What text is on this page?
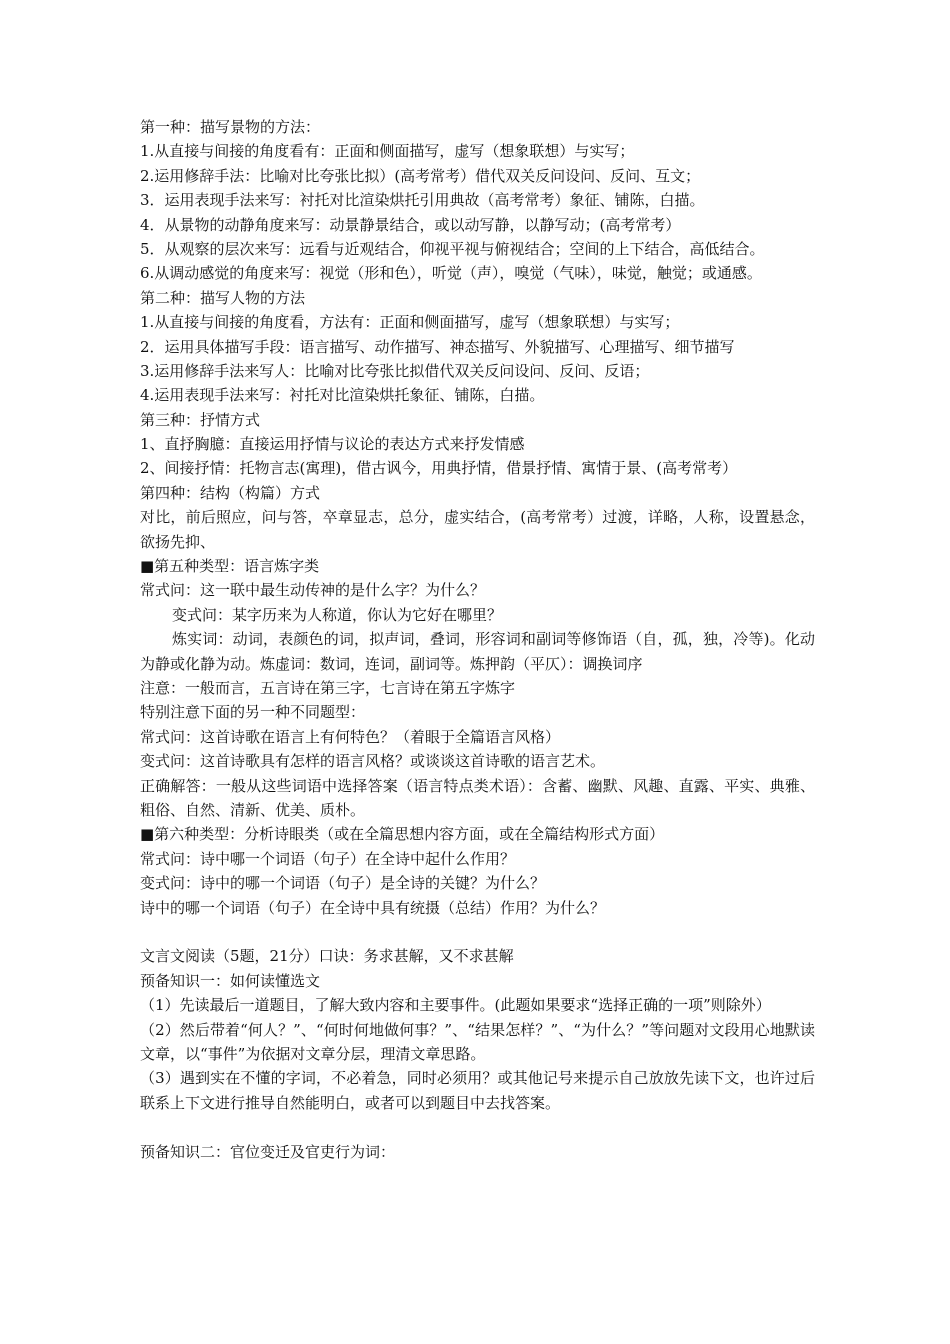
第一种：描写景物的方法：
1.从直接与间接的角度看有：正面和侧面描写，虚写（想象联想）与实写；
2.运用修辞手法：比喻对比夸张比拟）(高考常考）借代双关反问设问、反问、互文；
3．运用表现手法来写：衬托对比渲染烘托引用典故（高考常考）象征、铺陈，白描。
4．从景物的动静角度来写：动景静景结合，或以动写静，以静写动；(高考常考）
5．从观察的层次来写：远看与近观结合，仰视平视与俯视结合；空间的上下结合，高低结合。
6.从调动感觉的角度来写：视觉（形和色），听觉（声），嗅觉（气味），味觉，触觉；或通感。
第二种：描写人物的方法
1.从直接与间接的角度看，方法有：正面和侧面描写，虚写（想象联想）与实写；
2．运用具体描写手段：语言描写、动作描写、神态描写、外貌描写、心理描写、细节描写
3.运用修辞手法来写人：比喻对比夸张比拟借代双关反问设问、反问、反语；
4.运用表现手法来写：衬托对比渲染烘托象征、铺陈，白描。
第三种：抒情方式
1、直抒胸臆：直接运用抒情与议论的表达方式来抒发情感
2、间接抒情：托物言志(寓理)，借古讽今，用典抒情，借景抒情、寓情于景、(高考常考）
第四种：结构（构篇）方式
对比，前后照应，问与答，卒章显志，总分，虚实结合，(高考常考）过渡，详略，人称，设置悬念，欲扬先抑、
■第五种类型：语言炼字类
常式问：这一联中最生动传神的是什么字？为什么？
变式问：某字历来为人称道，你认为它好在哪里？
炼实词：动词，表颜色的词，拟声词，叠词，形容词和副词等修饰语（自，孤，独，冷等)。化动为静或化静为动。炼虚词：数词，连词，副词等。炼押韵（平仄）：调换词序
注意：一般而言，五言诗在第三字，七言诗在第五字炼字
特别注意下面的另一种不同题型：
常式问：这首诗歌在语言上有何特色？（着眼于全篇语言风格）
变式问：这首诗歌具有怎样的语言风格？或谈谈这首诗歌的语言艺术。
正确解答：一般从这些词语中选择答案（语言特点类术语）：含蓄、幽默、风趣、直露、平实、典雅、粗俗、自然、清新、优美、质朴。
■第六种类型：分析诗眼类（或在全篇思想内容方面，或在全篇结构形式方面）
常式问：诗中哪一个词语（句子）在全诗中起什么作用？
变式问：诗中的哪一个词语（句子）是全诗的关键？为什么？
诗中的哪一个词语（句子）在全诗中具有统摄（总结）作用？为什么？
文言文阅读（5题，21分）口诀：务求甚解，又不求甚解
预备知识一：如何读懂选文
（1）先读最后一道题目，了解大致内容和主要事件。(此题如果要求“选择正确的一项”则除外）
（2）然后带着“何人？”、“何时何地做何事？”、“结果怎样？”、“为什么？”等问题对文段用心地默读文章，以“事件”为依据对文章分层，理清文章思路。
（3）遇到实在不懂的字词，不必着急，同时必须用？或其他记号来提示自己放放先读下文，也许过后联系上下文进行推导自然能明白，或者可以到题目中去找答案。
预备知识二：官位变迁及官吏行为词：
